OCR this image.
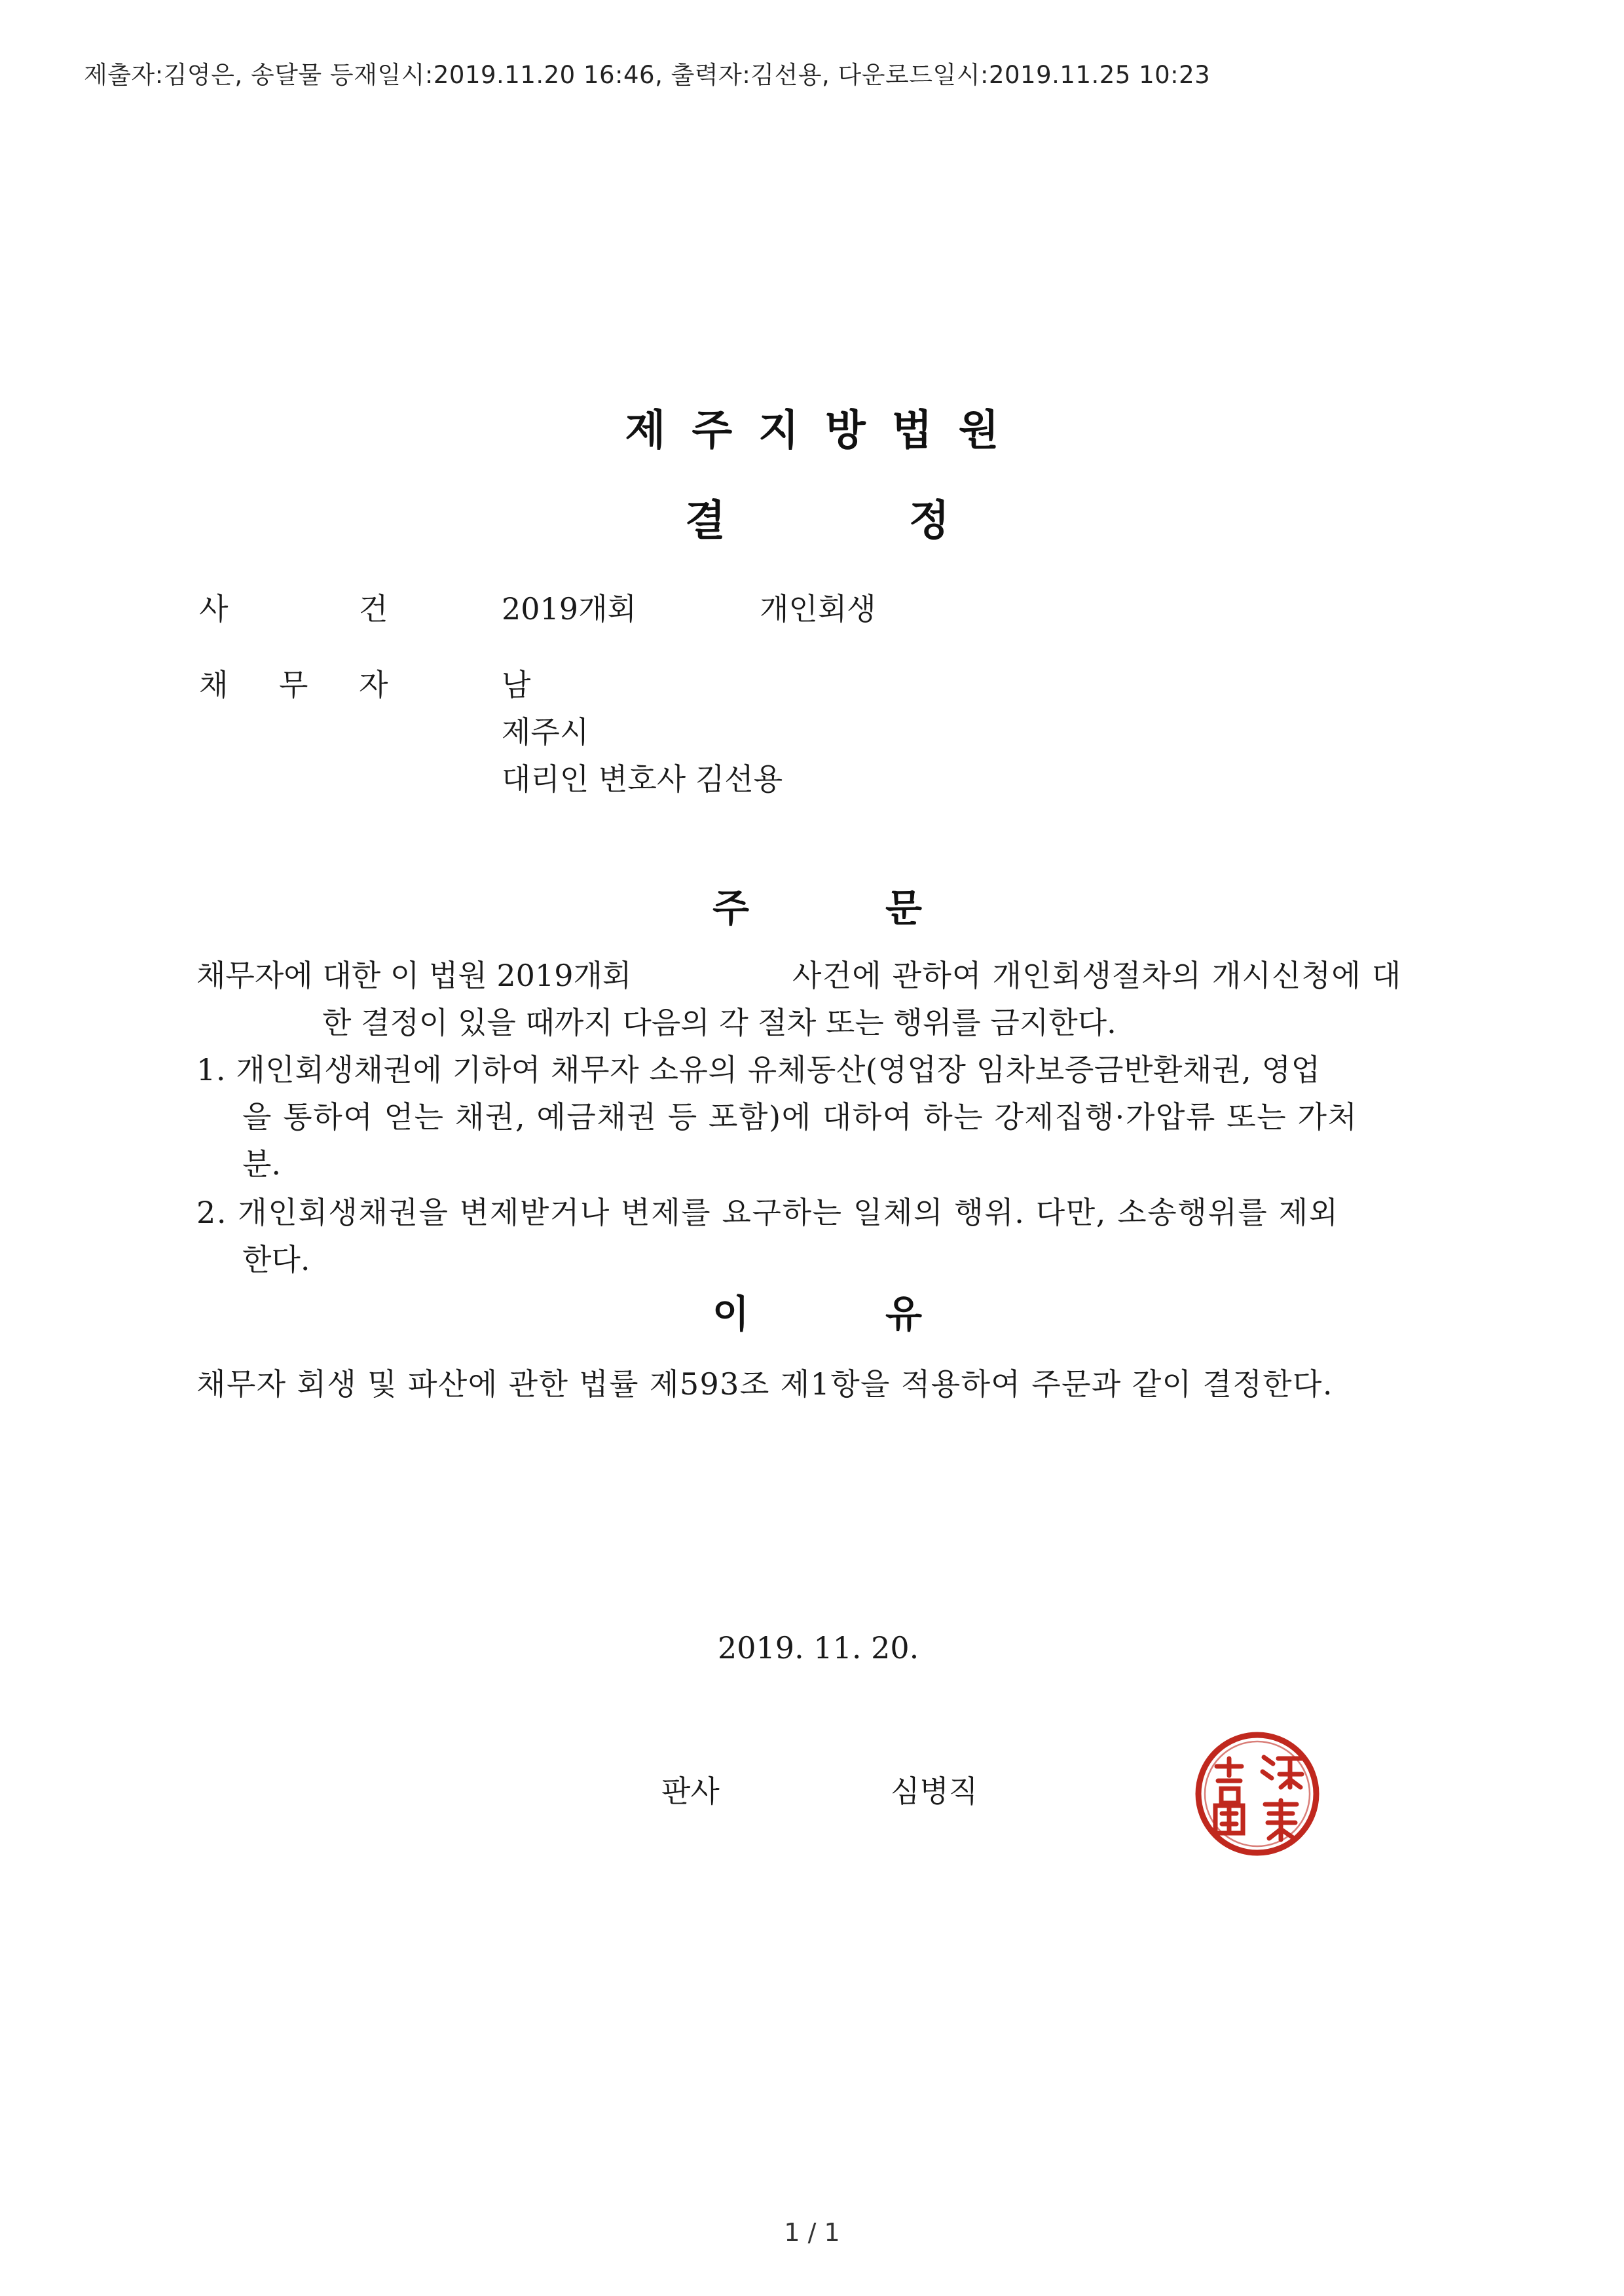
제출자:김영은, 송달물 등재일시:2019.11.20 16:46, 출력자:김선용, 다운로드일시:2019.11.25 10:23
제주지방법원
결	정
사	건	2019개회	개인회생
채 무 자	남
제주시
대리인 변호사 김선용
주	문
채무자에 대한 이 법원 2019개회	사건에 관하여 개인회생절차의 개시신청에 대
한 결정이 있을 때까지 다음의 각 절차 또는 행위를 금지한다.
1. 개인회생채권에 기하여 채무자 소유의 유체동산(영업장 임차보증금반환채권, 영업
을 통하여 얻는 채권, 예금채권 등 포함)에 대하여 하는 강제집행·가압류 또는 가처
분.
2. 개인회생채권을 변제받거나 변제를 요구하는 일체의 행위. 다만, 소송행위를 제외
한다.
이	유
채무자 회생 및 파산에 관한 법률 제593조 제1항을 적용하여 주문과 같이 결정한다.
2019. 11. 20.
판사	심병직
1 / 1
